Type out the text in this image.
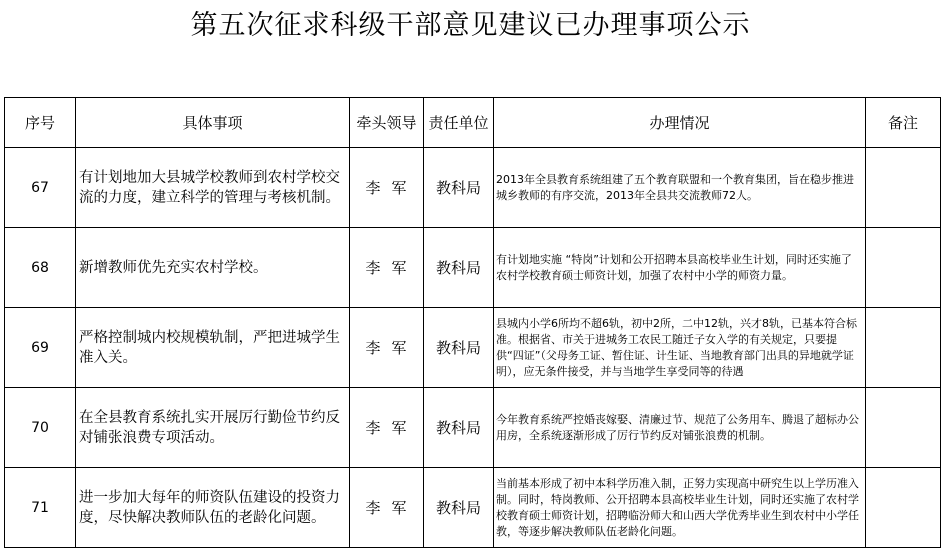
第五次征求科级干部意见建议已办理事项公示
序号	具体事项	牵头领导	责任单位	办理情况	备注
67	有计划地加大县城学校教师到农村学校交流的力度，建立科学的管理与考核机制。	李军	教科局	2013年全县教育系统组建了五个教育联盟和一个教育集团，旨在稳步推进城乡教师的有序交流，2013年全县共交流教师72人。	
68	新增教师优先充实农村学校。	李军	教科局	有计划地实施 “特岗”计划和公开招聘本县高校毕业生计划，同时还实施了农村学校教育硕士师资计划，加强了农村中小学的师资力量。	
69	严格控制城内校规模轨制，严把进城学生准入关。	李军	教科局	县城内小学6所均不超6轨，初中2所，二中12轨，兴才8轨，已基本符合标准。根据省、市关于进城务工农民工随迁子女入学的有关规定，只要提供“四证”（父母务工证、暂住证、计生证、当地教育部门出具的异地就学证明），应无条件接受，并与当地学生享受同等的待遇	
70	在全县教育系统扎实开展厉行勤俭节约反对铺张浪费专项活动。	李军	教科局	今年教育系统严控婚丧嫁娶、清廉过节、规范了公务用车、腾退了超标办公用房，全系统逐渐形成了厉行节约反对铺张浪费的机制。	
71	进一步加大每年的师资队伍建设的投资力度，尽快解决教师队伍的老龄化问题。	李军	教科局	当前基本形成了初中本科学历准入制，正努力实现高中研究生以上学历准入制。同时，特岗教师、公开招聘本县高校毕业生计划，同时还实施了农村学校教育硕士师资计划，招聘临汾师大和山西大学优秀毕业生到农村中小学任教，等逐步解决教师队伍老龄化问题。	
